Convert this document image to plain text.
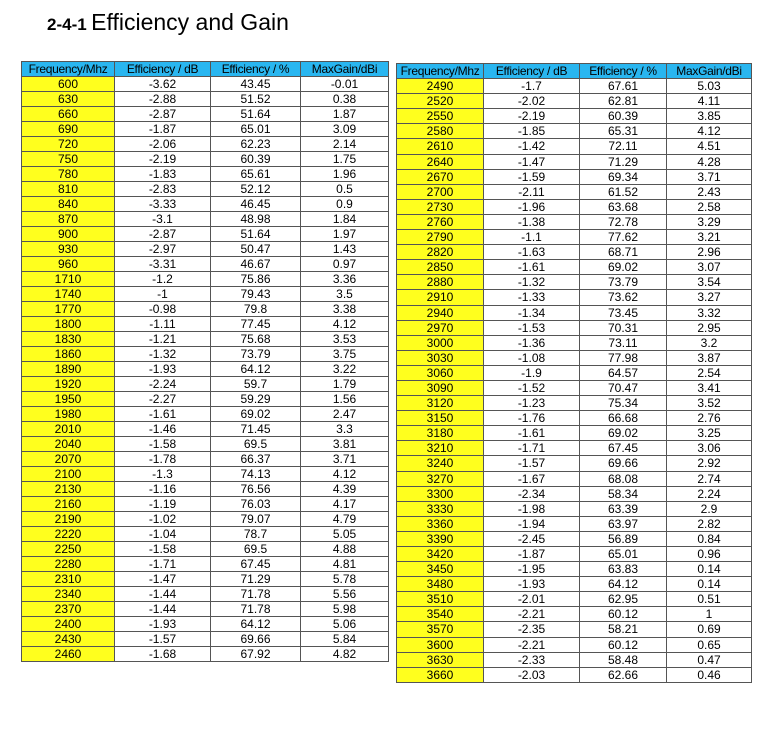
2-4-1 Efficiency and Gain
Frequency/Mhz	Efficiency / dB	Efficiency / %	MaxGain/dBi
600	-3.62	43.45	-0.01
630	-2.88	51.52	0.38
660	-2.87	51.64	1.87
690	-1.87	65.01	3.09
720	-2.06	62.23	2.14
750	-2.19	60.39	1.75
780	-1.83	65.61	1.96
810	-2.83	52.12	0.5
840	-3.33	46.45	0.9
870	-3.1	48.98	1.84
900	-2.87	51.64	1.97
930	-2.97	50.47	1.43
960	-3.31	46.67	0.97
1710	-1.2	75.86	3.36
1740	-1	79.43	3.5
1770	-0.98	79.8	3.38
1800	-1.11	77.45	4.12
1830	-1.21	75.68	3.53
1860	-1.32	73.79	3.75
1890	-1.93	64.12	3.22
1920	-2.24	59.7	1.79
1950	-2.27	59.29	1.56
1980	-1.61	69.02	2.47
2010	-1.46	71.45	3.3
2040	-1.58	69.5	3.81
2070	-1.78	66.37	3.71
2100	-1.3	74.13	4.12
2130	-1.16	76.56	4.39
2160	-1.19	76.03	4.17
2190	-1.02	79.07	4.79
2220	-1.04	78.7	5.05
2250	-1.58	69.5	4.88
2280	-1.71	67.45	4.81
2310	-1.47	71.29	5.78
2340	-1.44	71.78	5.56
2370	-1.44	71.78	5.98
2400	-1.93	64.12	5.06
2430	-1.57	69.66	5.84
2460	-1.68	67.92	4.82
Frequency/Mhz	Efficiency / dB	Efficiency / %	MaxGain/dBi
2490	-1.7	67.61	5.03
2520	-2.02	62.81	4.11
2550	-2.19	60.39	3.85
2580	-1.85	65.31	4.12
2610	-1.42	72.11	4.51
2640	-1.47	71.29	4.28
2670	-1.59	69.34	3.71
2700	-2.11	61.52	2.43
2730	-1.96	63.68	2.58
2760	-1.38	72.78	3.29
2790	-1.1	77.62	3.21
2820	-1.63	68.71	2.96
2850	-1.61	69.02	3.07
2880	-1.32	73.79	3.54
2910	-1.33	73.62	3.27
2940	-1.34	73.45	3.32
2970	-1.53	70.31	2.95
3000	-1.36	73.11	3.2
3030	-1.08	77.98	3.87
3060	-1.9	64.57	2.54
3090	-1.52	70.47	3.41
3120	-1.23	75.34	3.52
3150	-1.76	66.68	2.76
3180	-1.61	69.02	3.25
3210	-1.71	67.45	3.06
3240	-1.57	69.66	2.92
3270	-1.67	68.08	2.74
3300	-2.34	58.34	2.24
3330	-1.98	63.39	2.9
3360	-1.94	63.97	2.82
3390	-2.45	56.89	0.84
3420	-1.87	65.01	0.96
3450	-1.95	63.83	0.14
3480	-1.93	64.12	0.14
3510	-2.01	62.95	0.51
3540	-2.21	60.12	1
3570	-2.35	58.21	0.69
3600	-2.21	60.12	0.65
3630	-2.33	58.48	0.47
3660	-2.03	62.66	0.46
